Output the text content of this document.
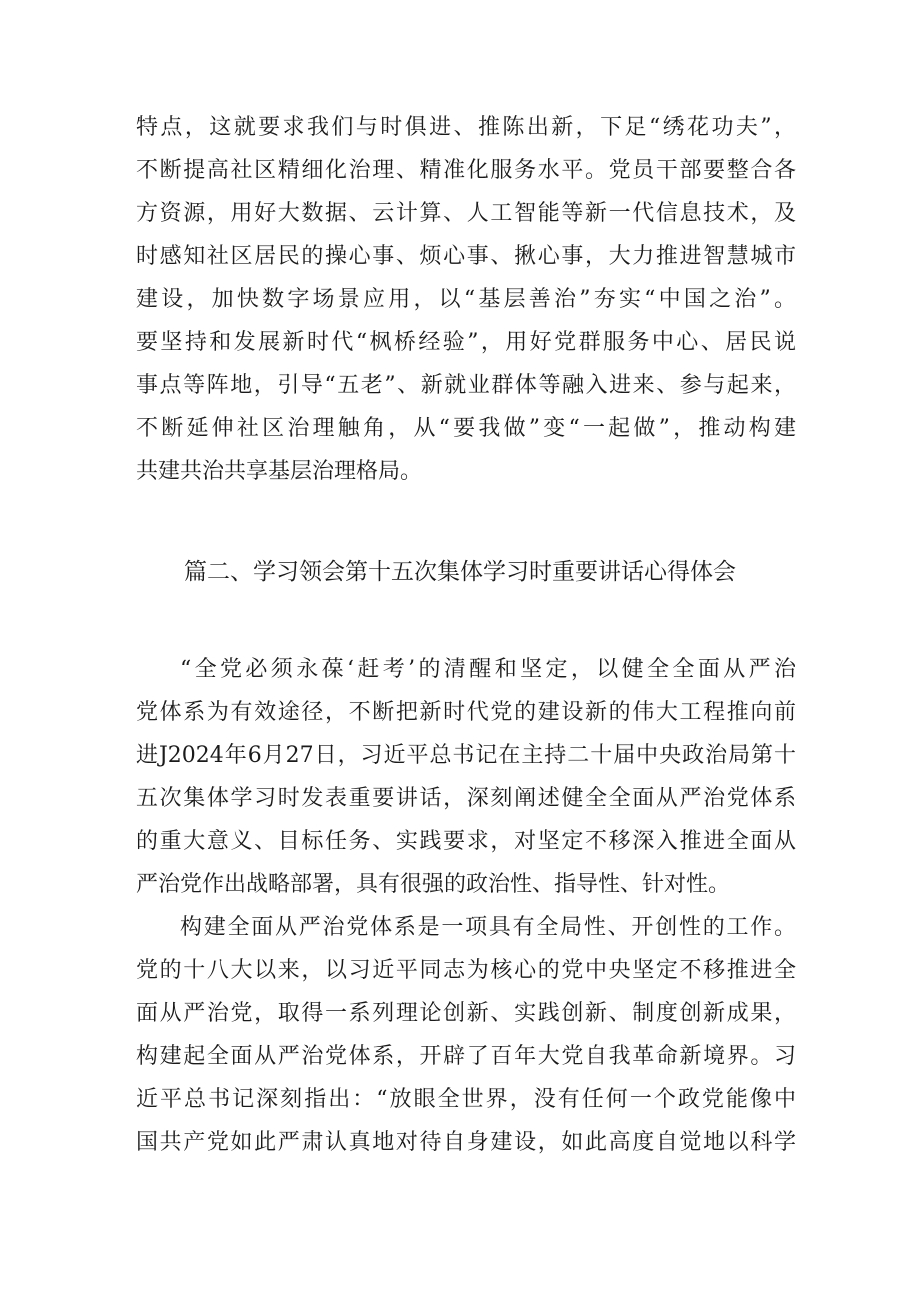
特点，这就要求我们与时俱进、推陈出新，下足“绣花功夫”，
不断提高社区精细化治理、精准化服务水平。党员干部要整合各
方资源，用好大数据、云计算、人工智能等新一代信息技术，及
时感知社区居民的操心事、烦心事、揪心事，大力推进智慧城市
建设，加快数字场景应用，以“基层善治”夯实“中国之治”。
要坚持和发展新时代“枫桥经验”，用好党群服务中心、居民说
事点等阵地，引导“五老”、新就业群体等融入进来、参与起来，
不断延伸社区治理触角，从“要我做”变“一起做”，推动构建
共建共治共享基层治理格局。
篇二、学习领会第十五次集体学习时重要讲话心得体会
“全党必须永葆‘赶考’的清醒和坚定，以健全全面从严治
党体系为有效途径，不断把新时代党的建设新的伟大工程推向前
进J2024年6月27日，习近平总书记在主持二十届中央政治局第十
五次集体学习时发表重要讲话，深刻阐述健全全面从严治党体系
的重大意义、目标任务、实践要求，对坚定不移深入推进全面从
严治党作出战略部署，具有很强的政治性、指导性、针对性。
构建全面从严治党体系是一项具有全局性、开创性的工作。
党的十八大以来，以习近平同志为核心的党中央坚定不移推进全
面从严治党，取得一系列理论创新、实践创新、制度创新成果，
构建起全面从严治党体系，开辟了百年大党自我革命新境界。习
近平总书记深刻指出：“放眼全世界，没有任何一个政党能像中
国共产党如此严肃认真地对待自身建设，如此高度自觉地以科学
